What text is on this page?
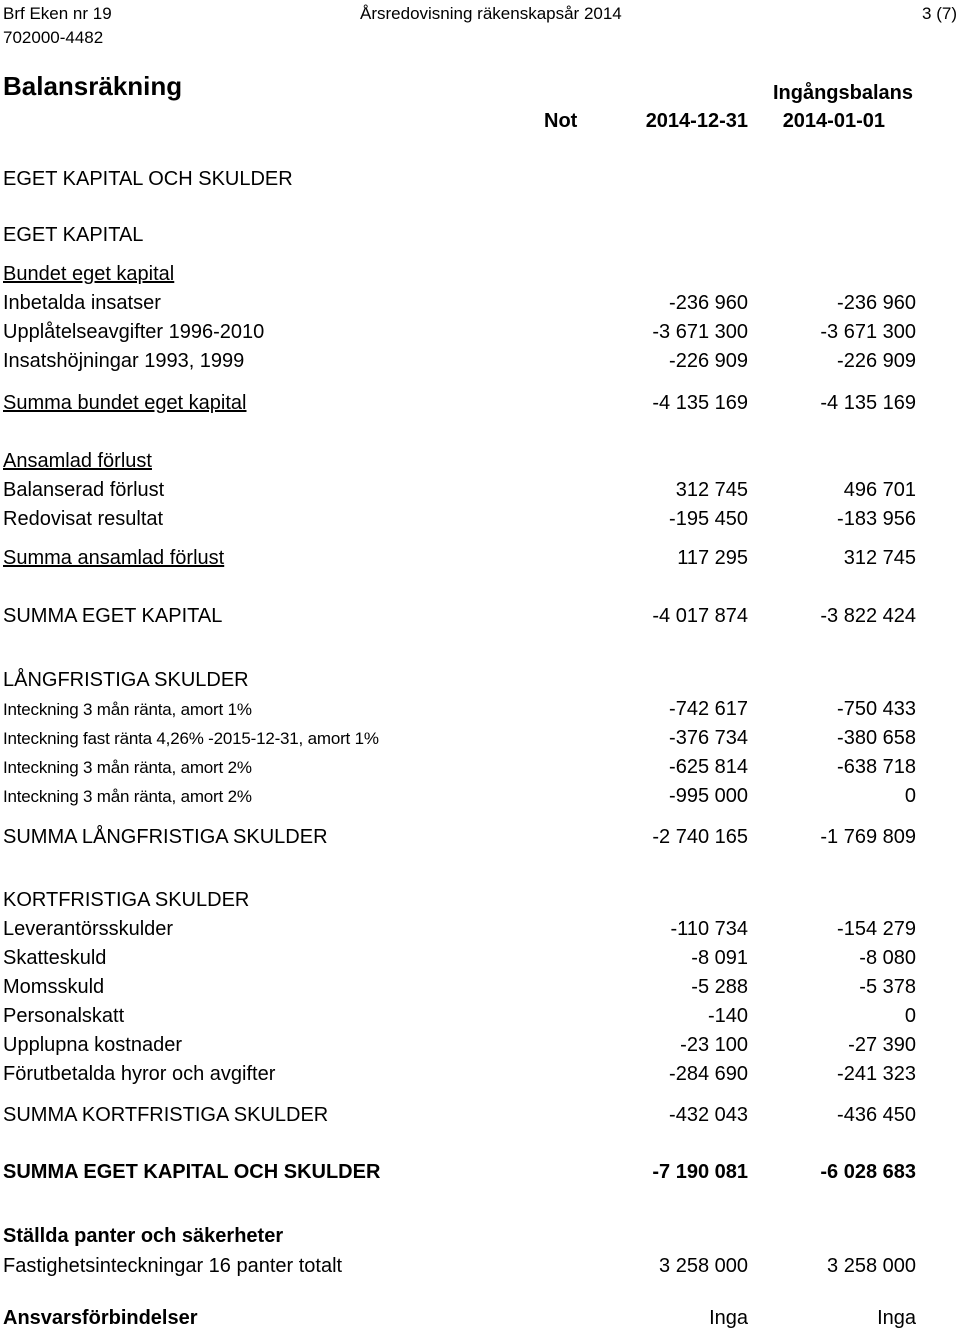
Brf Eken nr 19
702000-4482
Årsredovisning räkenskapsår 2014	3 (7)
Balansräkning
Not	2014-12-31
Ingångsbalans
2014-01-01
EGET KAPITAL OCH SKULDER
EGET KAPITAL
Bundet eget kapital
Inbetalda insatser	-236 960	-236 960
Upplåtelseavgifter 1996-2010	-3 671 300	-3 671 300
Insatshöjningar 1993, 1999	-226 909	-226 909
Summa bundet eget kapital	-4 135 169	-4 135 169
Ansamlad förlust
Balanserad förlust	312 745	496 701
Redovisat resultat	-195 450	-183 956
Summa ansamlad förlust	117 295	312 745
SUMMA EGET KAPITAL	-4 017 874	-3 822 424
LÅNGFRISTIGA SKULDER
Inteckning 3 mån ränta, amort 1%	-742 617	-750 433
Inteckning fast ränta 4,26% -2015-12-31, amort 1%	-376 734	-380 658
Inteckning 3 mån ränta, amort 2%	-625 814	-638 718
Inteckning 3 mån ränta, amort 2%	-995 000	0
SUMMA LÅNGFRISTIGA SKULDER	-2 740 165	-1 769 809
KORTFRISTIGA SKULDER
Leverantörsskulder	-110 734	-154 279
Skatteskuld	-8 091	-8 080
Momsskuld	-5 288	-5 378
Personalskatt	-140	0
Upplupna kostnader	-23 100	-27 390
Förutbetalda hyror och avgifter	-284 690	-241 323
SUMMA KORTFRISTIGA SKULDER	-432 043	-436 450
SUMMA EGET KAPITAL OCH SKULDER	-7 190 081	-6 028 683
Ställda panter och säkerheter
Fastighetsinteckningar 16 panter totalt	3 258 000	3 258 000
Ansvarsförbindelser	Inga	Inga
